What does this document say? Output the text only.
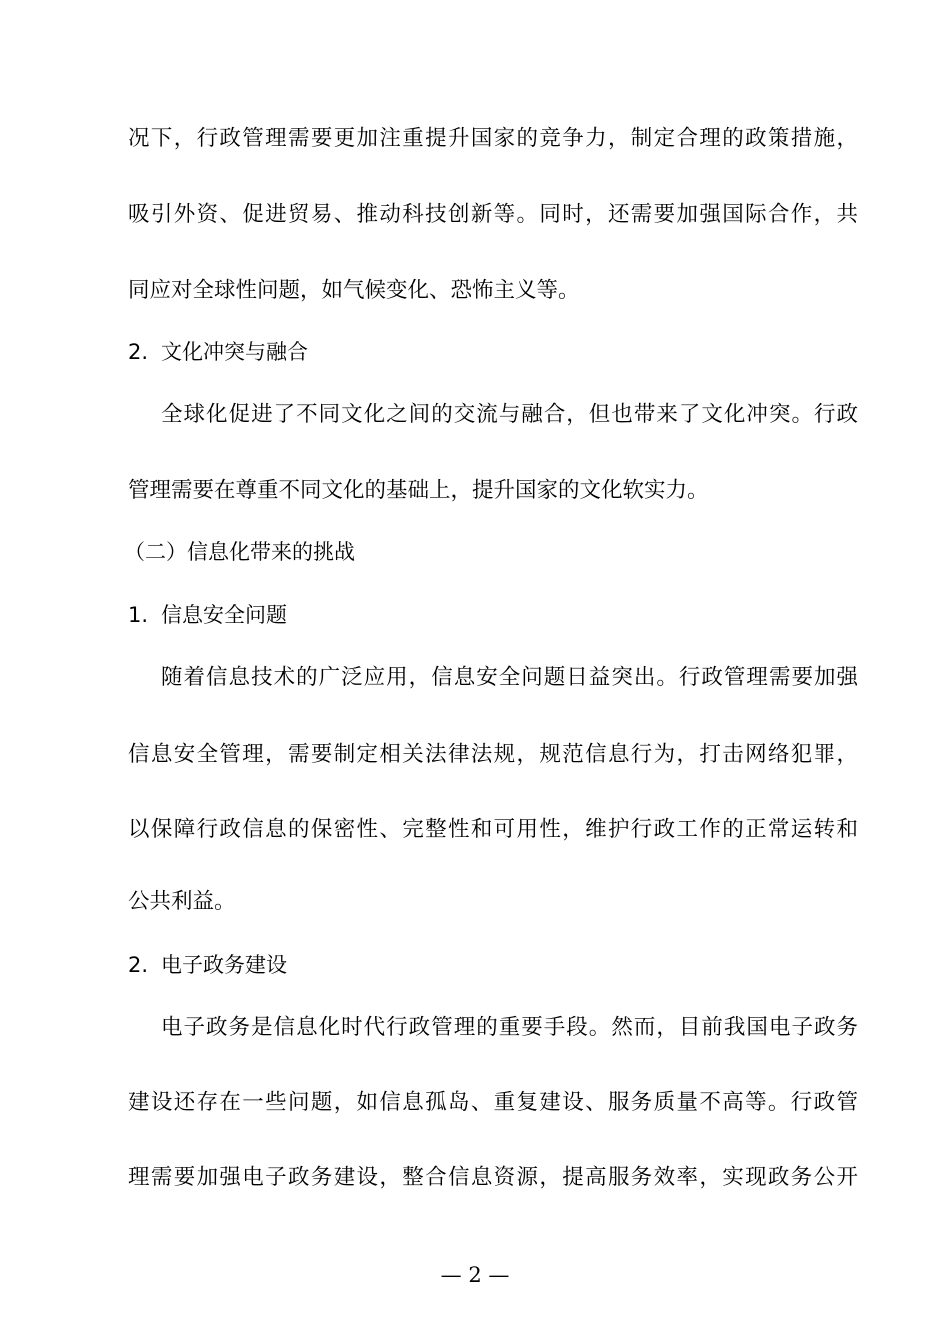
况下，行政管理需要更加注重提升国家的竞争力，制定合理的政策措施，
吸引外资、促进贸易、推动科技创新等。同时，还需要加强国际合作，共
同应对全球性问题，如气候变化、恐怖主义等。
2. 文化冲突与融合
全球化促进了不同文化之间的交流与融合，但也带来了文化冲突。行政
管理需要在尊重不同文化的基础上，提升国家的文化软实力。
（二）信息化带来的挑战
1. 信息安全问题
随着信息技术的广泛应用，信息安全问题日益突出。行政管理需要加强
信息安全管理，需要制定相关法律法规，规范信息行为，打击网络犯罪，
以保障行政信息的保密性、完整性和可用性，维护行政工作的正常运转和
公共利益。
2. 电子政务建设
电子政务是信息化时代行政管理的重要手段。然而，目前我国电子政务
建设还存在一些问题，如信息孤岛、重复建设、服务质量不高等。行政管
理需要加强电子政务建设，整合信息资源，提高服务效率，实现政务公开
— 2 —
